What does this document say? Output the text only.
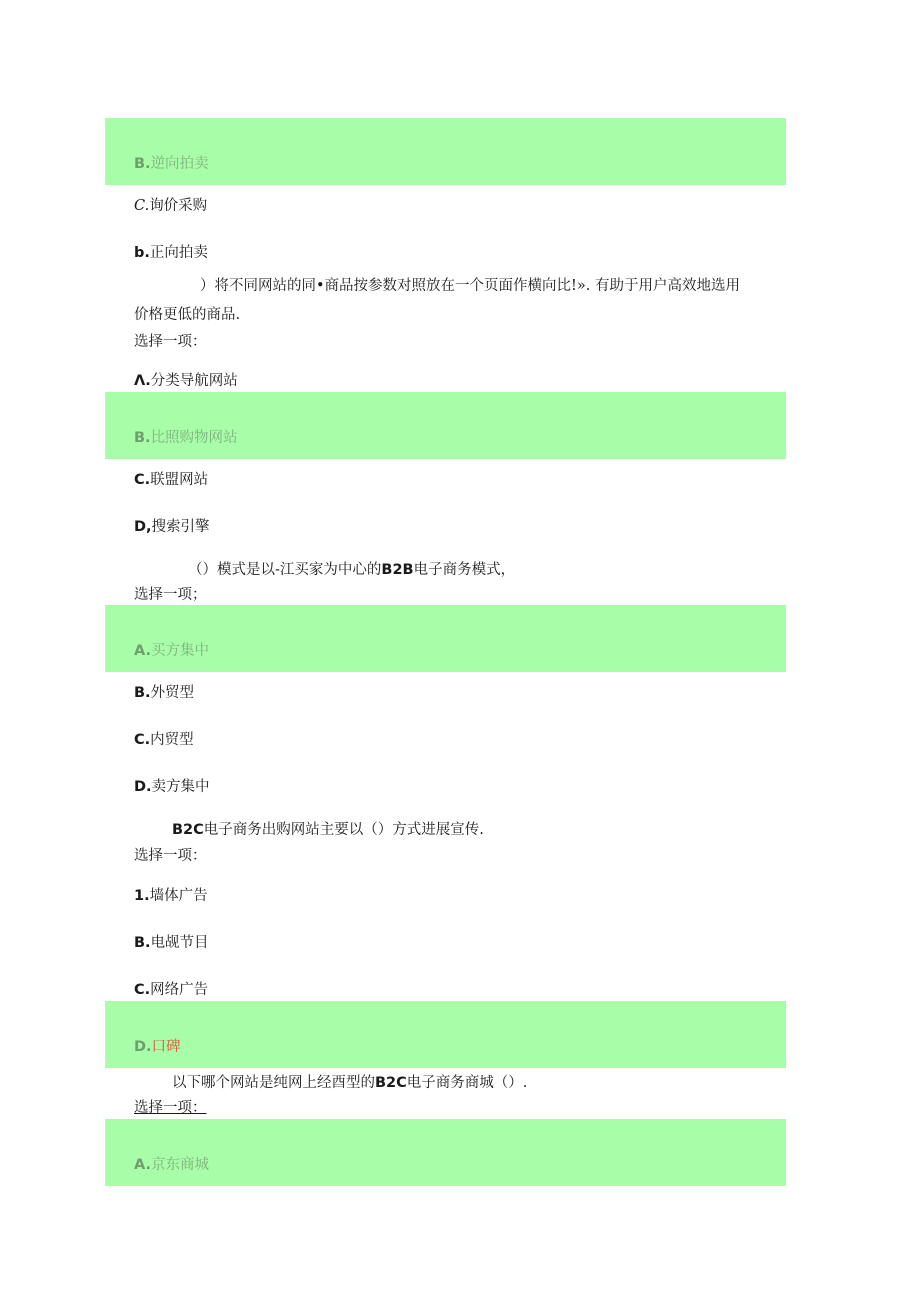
B.逆向拍卖
C.询价采购
b.正向拍卖
）将不同网站的同•商品按参数对照放在一个页面作横向比!». 有助于用户高效地选用
价格更低的商品.
选择一项：
Λ.分类导航网站
B.比照购物网站
C.联盟网站
D,搜索引擎
（）模式是以-江买家为中心的B2B电子商务模式，
选择一项；
A.买方集中
B.外贸型
C.内贸型
D.卖方集中
B2C电子商务出购网站主要以（）方式进展宣传.
选择一项：
1.墙体广告
B.电觇节目
C.网络广告
D.口碑
以下哪个网站是纯网上经酉型的B2C电子商务商城（）.
选择一项：
A.京东商城
